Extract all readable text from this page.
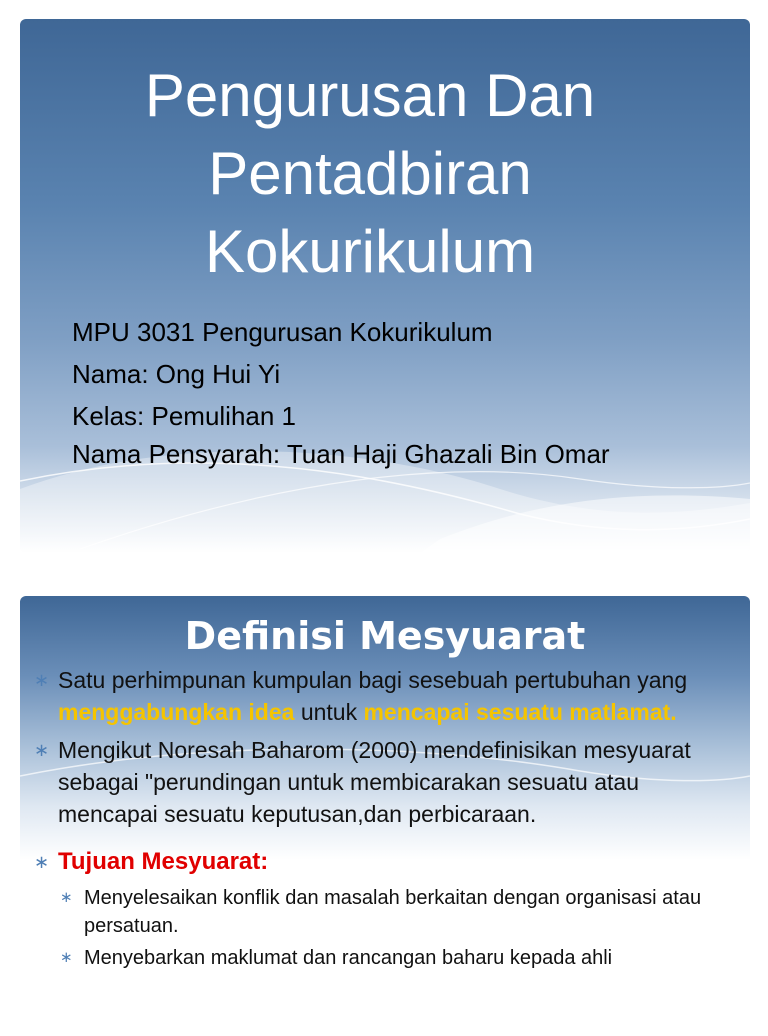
Pengurusan Dan
Pentadbiran
Kokurikulum
MPU 3031 Pengurusan Kokurikulum
Nama: Ong Hui Yi
Kelas: Pemulihan 1
Nama Pensyarah: Tuan Haji Ghazali Bin Omar
Definisi Mesyuarat
∗ Satu perhimpunan kumpulan bagi sesebuah pertubuhan yang menggabungkan idea untuk mencapai sesuatu matlamat.
∗ Mengikut Noresah Baharom (2000) mendefinisikan mesyuarat sebagai "perundingan untuk membicarakan sesuatu atau mencapai sesuatu keputusan,dan perbicaraan.
∗ Tujuan Mesyuarat:
∗ Menyelesaikan konflik dan masalah berkaitan dengan organisasi atau persatuan.
∗ Menyebarkan maklumat dan rancangan baharu kepada ahli
